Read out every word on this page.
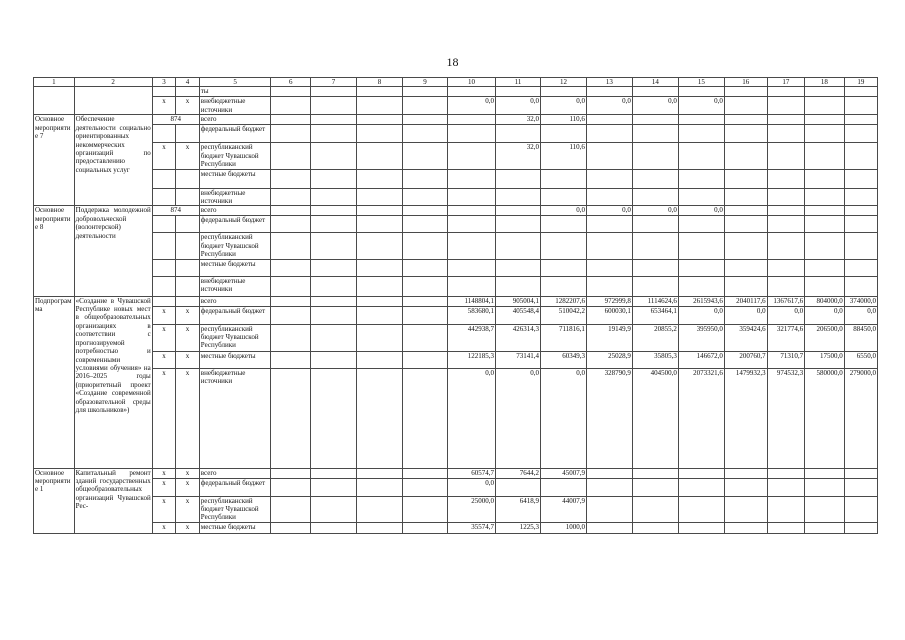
18
1	2	3	4	5	6	7	8	9	10	11	12	13	14	15	16	17	18	19
				ты														
		x	x	внебюджетные источники					0,0	0,0	0,0	0,0	0,0	0,0				
Основное мероприятие 7	Обеспечение деятельности социально ориентированных некоммерческих организаций по предоставлению социальных услуг	874		всего						32,0	110,6							
				федеральный бюджет														
		x	x	республиканский бюджет Чувашской Республики						32,0	110,6							
				местные бюджеты														
				внебюджетные источники														
Основное мероприятие 8	Поддержка молодежной добровольческой (волонтерской) деятельности	874		всего							0,0	0,0	0,0	0,0				
				федеральный бюджет														
				республиканский бюджет Чувашской Республики														
				местные бюджеты														
				внебюджетные источники														
Подпрограмма	«Создание в Чувашской Республике новых мест в общеобразовательных организациях в соответствии с прогнозируемой потребностью и современными условиями обучения» на 2016–2025 годы (приоритетный проект «Создание современной образовательной среды для школьников»)			всего					1148804,1	905004,1	1282207,6	972999,8	1114624,6	2615943,6	2040117,6	1367617,6	804000,0	374000,0
		x	x	федеральный бюджет					583680,1	405548,4	510042,2	600030,1	653464,1	0,0	0,0	0,0	0,0	0,0
		x	x	республиканский бюджет Чувашской Республики					442938,7	426314,3	711816,1	19149,9	20855,2	395950,0	359424,6	321774,6	206500,0	88450,0
		x	x	местные бюджеты					122185,3	73141,4	60349,3	25028,9	35805,3	146672,0	200760,7	71310,7	17500,0	6550,0
		x	x	внебюджетные источники					0,0	0,0	0,0	328790,9	404500,0	2073321,6	1479932,3	974532,3	580000,0	279000,0
Основное мероприятие 1	Капитальный ремонт зданий государственных общеобразовательных организаций Чувашской Рес-	x	x	всего					60574,7	7644,2	45007,9							
		x	x	федеральный бюджет					0,0									
		x	x	республиканский бюджет Чувашской Республики					25000,0	6418,9	44007,9							
		x	x	местные бюджеты					35574,7	1225,3	1000,0							
